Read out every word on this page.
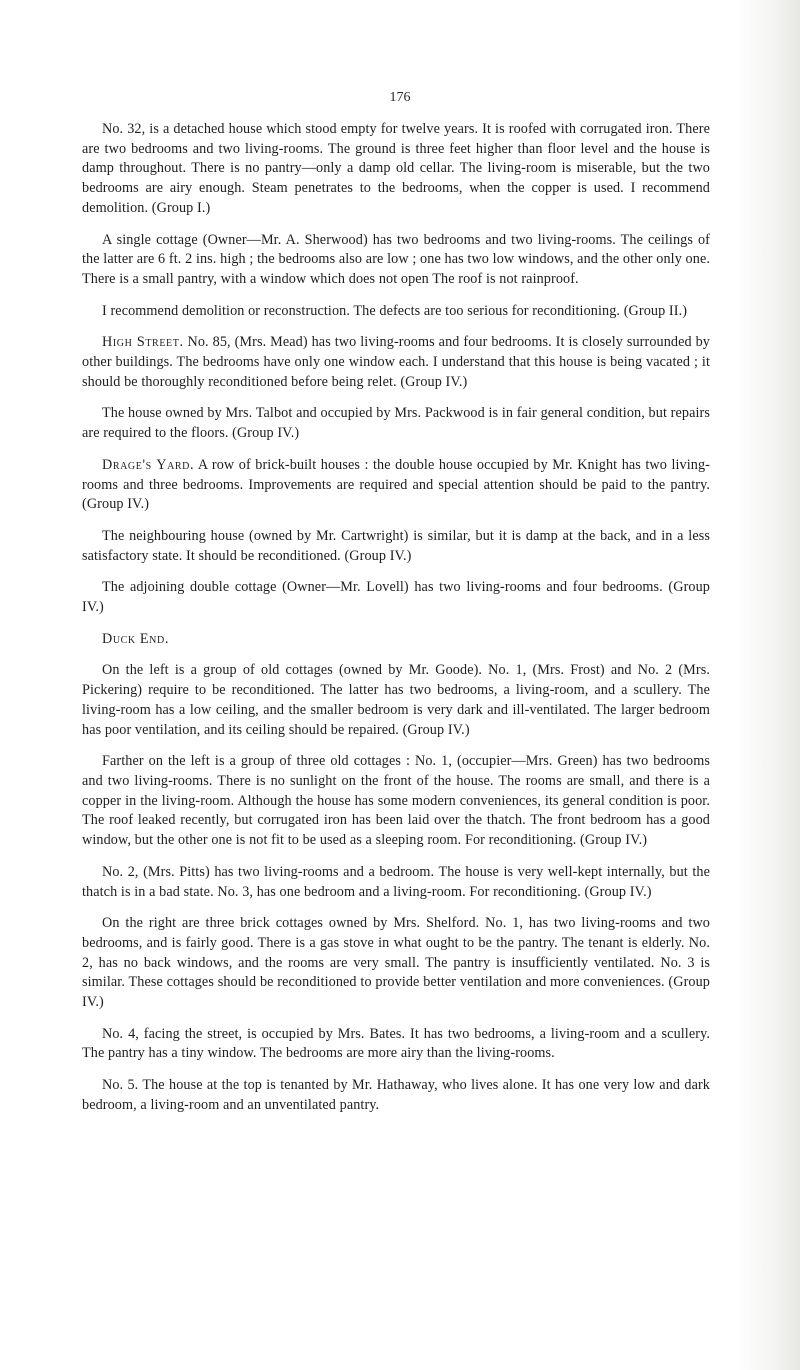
176

No. 32, is a detached house which stood empty for twelve years. It is roofed with corrugated iron. There are two bedrooms and two living-rooms. The ground is three feet higher than floor level and the house is damp throughout. There is no pantry—only a damp old cellar. The living-room is miserable, but the two bedrooms are airy enough. Steam penetrates to the bedrooms, when the copper is used. I recommend demolition. (Group I.)

A single cottage (Owner—Mr. A. Sherwood) has two bedrooms and two living-rooms. The ceilings of the latter are 6 ft. 2 ins. high ; the bedrooms also are low ; one has two low windows, and the other only one. There is a small pantry, with a window which does not open The roof is not rainproof.

I recommend demolition or reconstruction. The defects are too serious for reconditioning. (Group II.)

High Street. No. 85, (Mrs. Mead) has two living-rooms and four bedrooms. It is closely surrounded by other buildings. The bedrooms have only one window each. I understand that this house is being vacated ; it should be thoroughly reconditioned before being relet. (Group IV.)

The house owned by Mrs. Talbot and occupied by Mrs. Packwood is in fair general condition, but repairs are required to the floors. (Group IV.)

Drage's Yard. A row of brick-built houses : the double house occupied by Mr. Knight has two living-rooms and three bedrooms. Improvements are required and special attention should be paid to the pantry. (Group IV.)

The neighbouring house (owned by Mr. Cartwright) is similar, but it is damp at the back, and in a less satisfactory state. It should be reconditioned. (Group IV.)

The adjoining double cottage (Owner—Mr. Lovell) has two living-rooms and four bedrooms. (Group IV.)

Duck End.

On the left is a group of old cottages (owned by Mr. Goode). No. 1, (Mrs. Frost) and No. 2 (Mrs. Pickering) require to be reconditioned. The latter has two bedrooms, a living-room, and a scullery. The living-room has a low ceiling, and the smaller bedroom is very dark and ill-ventilated. The larger bedroom has poor ventilation, and its ceiling should be repaired. (Group IV.)

Farther on the left is a group of three old cottages : No. 1, (occupier—Mrs. Green) has two bedrooms and two living-rooms. There is no sunlight on the front of the house. The rooms are small, and there is a copper in the living-room. Although the house has some modern conveniences, its general condition is poor. The roof leaked recently, but corrugated iron has been laid over the thatch. The front bedroom has a good window, but the other one is not fit to be used as a sleeping room. For reconditioning. (Group IV.)

No. 2, (Mrs. Pitts) has two living-rooms and a bedroom. The house is very well-kept internally, but the thatch is in a bad state. No. 3, has one bedroom and a living-room. For reconditioning. (Group IV.)

On the right are three brick cottages owned by Mrs. Shelford. No. 1, has two living-rooms and two bedrooms, and is fairly good. There is a gas stove in what ought to be the pantry. The tenant is elderly. No. 2, has no back windows, and the rooms are very small. The pantry is insufficiently ventilated. No. 3 is similar. These cottages should be reconditioned to provide better ventilation and more conveniences. (Group IV.)

No. 4, facing the street, is occupied by Mrs. Bates. It has two bedrooms, a living-room and a scullery. The pantry has a tiny window. The bedrooms are more airy than the living-rooms.

No. 5. The house at the top is tenanted by Mr. Hathaway, who lives alone. It has one very low and dark bedroom, a living-room and an unventilated pantry.
